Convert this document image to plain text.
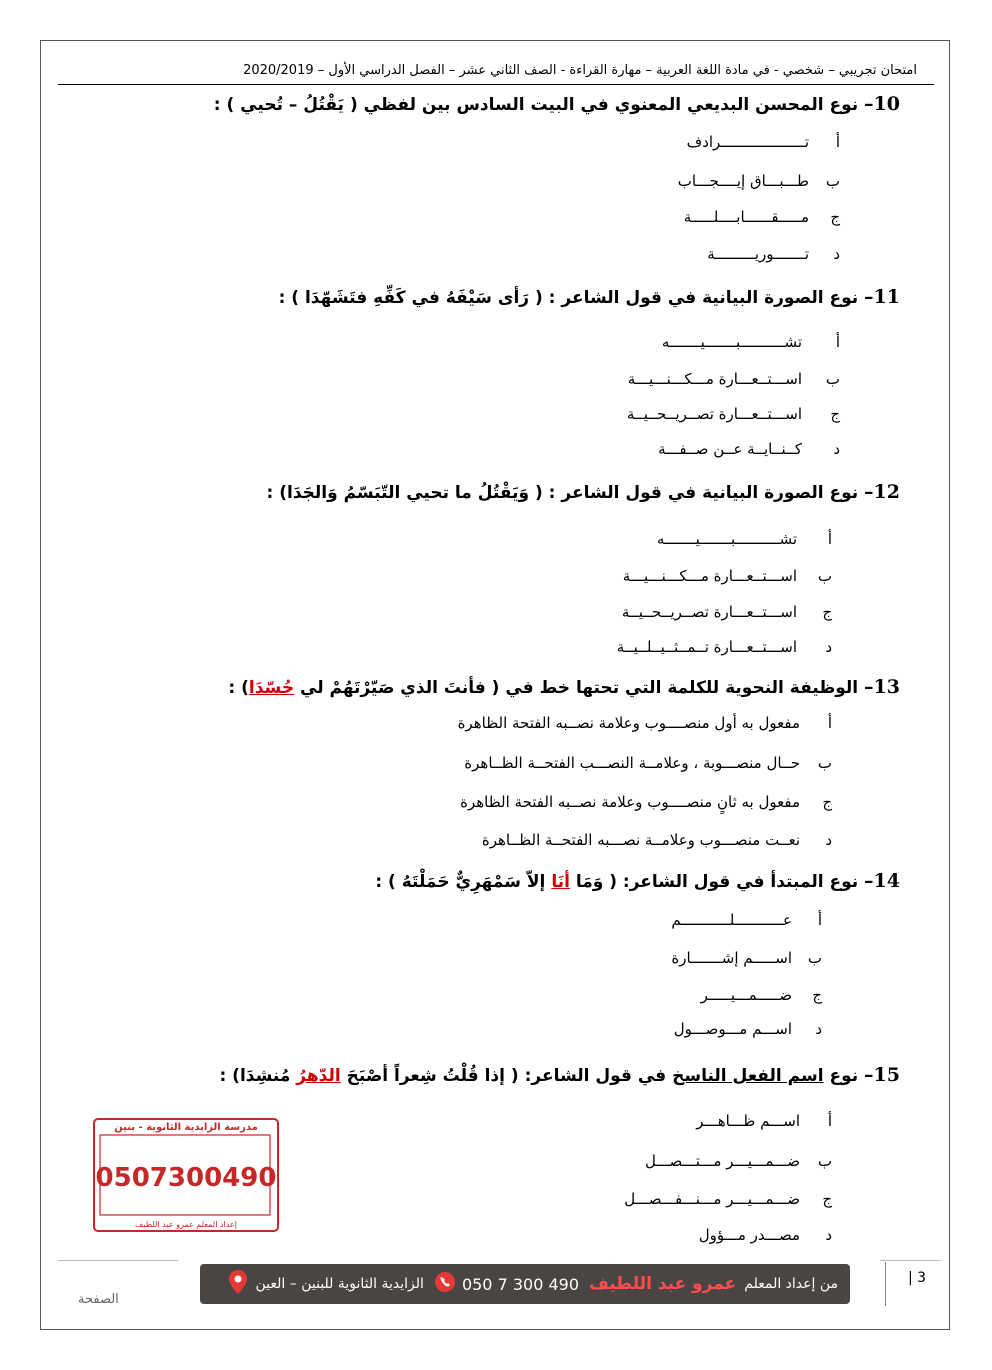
امتحان تجريبي – شخصي - في مادة اللغة العربية – مهارة القراءة - الصف الثاني عشر – الفصل الدراسي الأول – 2020/2019
10– نوع المحسن البديعي المعنوي في البيت السادس بين لفظي ( يَقْتُلُ – تُحيي ) :
أ
تـــــــــــــــــــرادف
ب
طـــبـــاق إيــــجـــاب
ج
مـــــقــــــابــــلـــــة
د
تـــــــوريـــــــــة
11– نوع الصورة البيانية في قول الشاعر : ( رَأى سَيْفَهُ في كَفِّهِ فتَشَهّدَا ) :
أ
تشــــــــــبـــــــيـــــــه
ب
اســـتــعـــارة مـــكـــنـــيـــة
ج
اســـتــعـــارة تصــريــحــيــة
د
كــنــايــة عــن صــفـــة
12– نوع الصورة البيانية في قول الشاعر : ( وَيَقْتُلُ ما تحيي التّبَسّمُ وَالجَدَا) :
أ
تشــــــــــبـــــــيـــــــه
ب
اســـتــعـــارة مـــكـــنـــيـــة
ج
اســـتــعـــارة تصــريــحــيــة
د
اســـتــعـــارة تــمــثــيــلــيــة
13– الوظيفة النحوية للكلمة التي تحتها خط في ( فأنتَ الذي صَيّرْتَهُمْ لي حُسّدَا) :
أ
مفعول به أول منصــــوب وعلامة نصــبه الفتحة الظاهرة
ب
حــال منصـــوبة ، وعلامــة النصـــب الفتحــة الظــاهرة
ج
مفعول به ثانٍ منصــــوب وعلامة نصــبه الفتحة الظاهرة
د
نعــت منصـــوب وعلامــة نصـــبه الفتحــة الظــاهرة
14– نوع المبتدأ في قول الشاعر: ( وَمَا أنَا إلاّ سَمْهَرِيٌّ حَمَلْتَهُ ) :
أ
عـــــــــــلـــــــــــم
ب
اســـــم إشـــــــارة
ج
ضـــــمـــيـــــر
د
اســـم مـــوصـــول
15– نوع اسم الفعل الناسخ في قول الشاعر: ( إذا قُلْتُ شِعراً أصْبَحَ الدّهرُ مُنشِدَا) :
أ
اســـم ظـــاهـــر
ب
ضـــمـــيـــر مـــتـــصـــل
ج
ضـــمـــيـــر مـــنـــفـــصـــل
د
مصـــدر مـــؤول
مدرسة الزايدية الثانوية - بنين
0507300490
إعداد المعلم عمرو عبد اللطيف
من إعداد المعلم
عمرو عبد اللطيف
050 7 300 490
الزايدية الثانوية للبنين – العين	3 |
الصفحة
